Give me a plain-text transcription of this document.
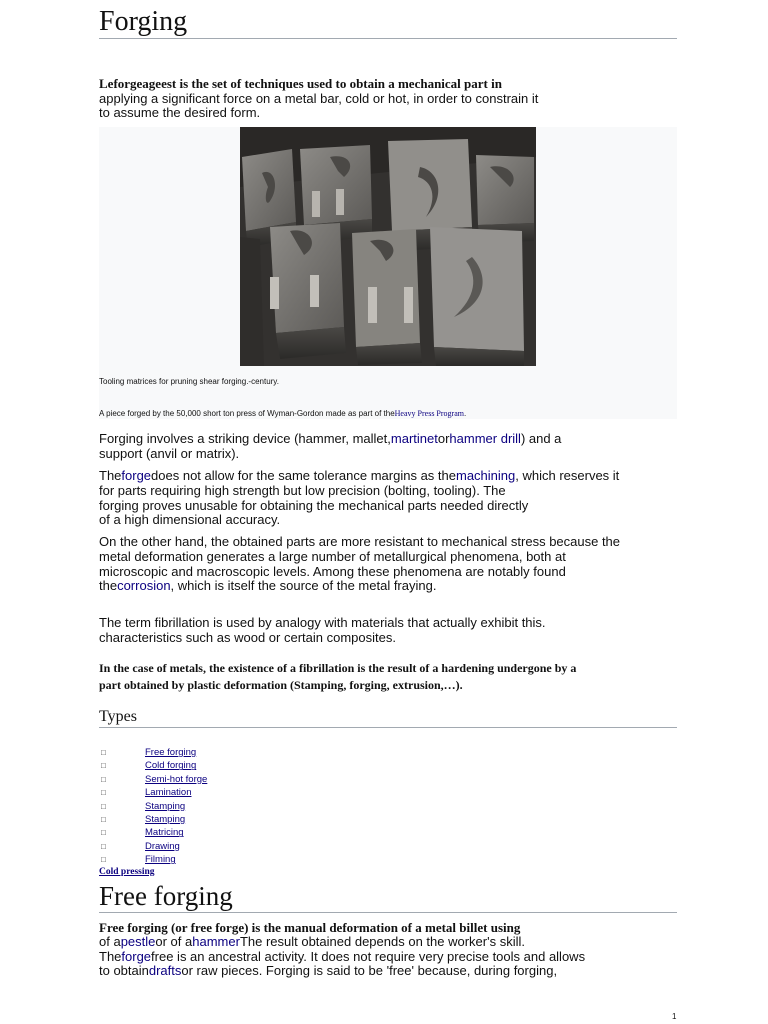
Forging
Leforgeageest is the set of techniques used to obtain a mechanical part in
applying a significant force on a metal bar, cold or hot, in order to constrain it
to assume the desired form.
Tooling matrices for pruning shear forging.-century.
A piece forged by the 50,000 short ton press of Wyman-Gordon made as part of theHeavy Press Program.
Forging involves a striking device (hammer, mallet,martinetorhammer drill) and a
support (anvil or matrix).
Theforgedoes not allow for the same tolerance margins as themachining, which reserves it
for parts requiring high strength but low precision (bolting, tooling). The
forging proves unusable for obtaining the mechanical parts needed directly
of a high dimensional accuracy.
On the other hand, the obtained parts are more resistant to mechanical stress because the
metal deformation generates a large number of metallurgical phenomena, both at
microscopic and macroscopic levels. Among these phenomena are notably found
thecorrosion, which is itself the source of the metal fraying.
The term fibrillation is used by analogy with materials that actually exhibit this.
characteristics such as wood or certain composites.
In the case of metals, the existence of a fibrillation is the result of a hardening undergone by a
part obtained by plastic deformation (Stamping, forging, extrusion,…).
Types
□	Free forging
□	Cold forging
□	Semi-hot forge
□	Lamination
□	Stamping
□	Stamping
□	Matricing
□	Drawing
□	Filming
Cold pressing
Free forging
Free forging (or free forge) is the manual deformation of a metal billet using
of apestleor of ahammerThe result obtained depends on the worker's skill.
Theforgefree is an ancestral activity. It does not require very precise tools and allows
to obtaindraftsor raw pieces. Forging is said to be 'free' because, during forging,
1
